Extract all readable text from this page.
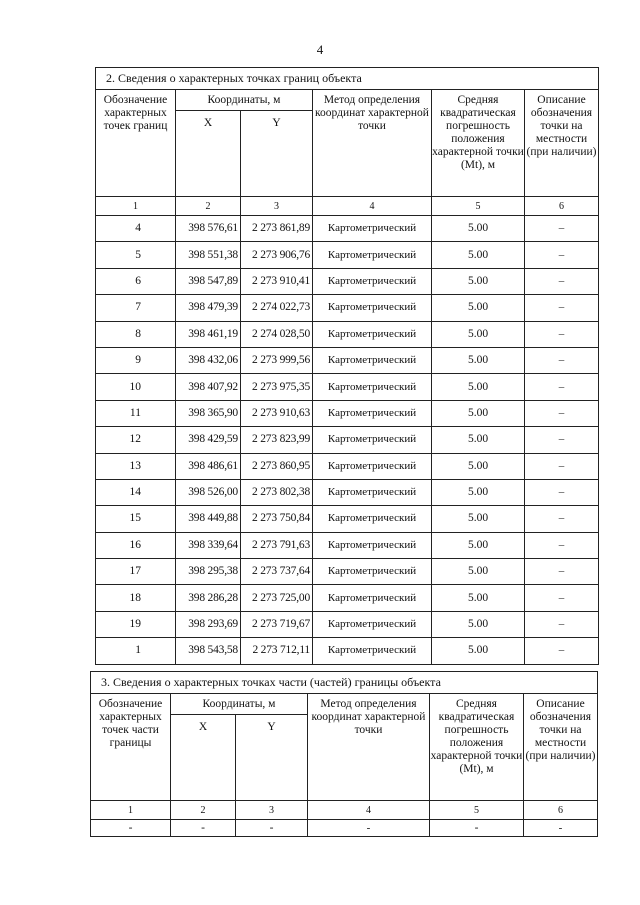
4
2. Сведения о характерных точках границ объекта					
Обозначение характерных точек границ	Координаты, м		Метод определения координат характерной точки	Средняя квадратическая погрешность положения характерной точки (Mt), м	Описание обозначения точки на местности (при наличии)
	X	Y			
1	2	3	4	5	6
4	398 576,61	2 273 861,89	Картометрический	5.00	–
5	398 551,38	2 273 906,76	Картометрический	5.00	–
6	398 547,89	2 273 910,41	Картометрический	5.00	–
7	398 479,39	2 274 022,73	Картометрический	5.00	–
8	398 461,19	2 274 028,50	Картометрический	5.00	–
9	398 432,06	2 273 999,56	Картометрический	5.00	–
10	398 407,92	2 273 975,35	Картометрический	5.00	–
11	398 365,90	2 273 910,63	Картометрический	5.00	–
12	398 429,59	2 273 823,99	Картометрический	5.00	–
13	398 486,61	2 273 860,95	Картометрический	5.00	–
14	398 526,00	2 273 802,38	Картометрический	5.00	–
15	398 449,88	2 273 750,84	Картометрический	5.00	–
16	398 339,64	2 273 791,63	Картометрический	5.00	–
17	398 295,38	2 273 737,64	Картометрический	5.00	–
18	398 286,28	2 273 725,00	Картометрический	5.00	–
19	398 293,69	2 273 719,67	Картометрический	5.00	–
1	398 543,58	2 273 712,11	Картометрический	5.00	–
3. Сведения о характерных точках части (частей) границы объекта					
Обозначение характерных точек части границы	Координаты, м		Метод определения координат характерной точки	Средняя квадратическая погрешность положения характерной точки (Mt), м	Описание обозначения точки на местности (при наличии)
	X	Y			
1	2	3	4	5	6
-	-	-	-	-	-
